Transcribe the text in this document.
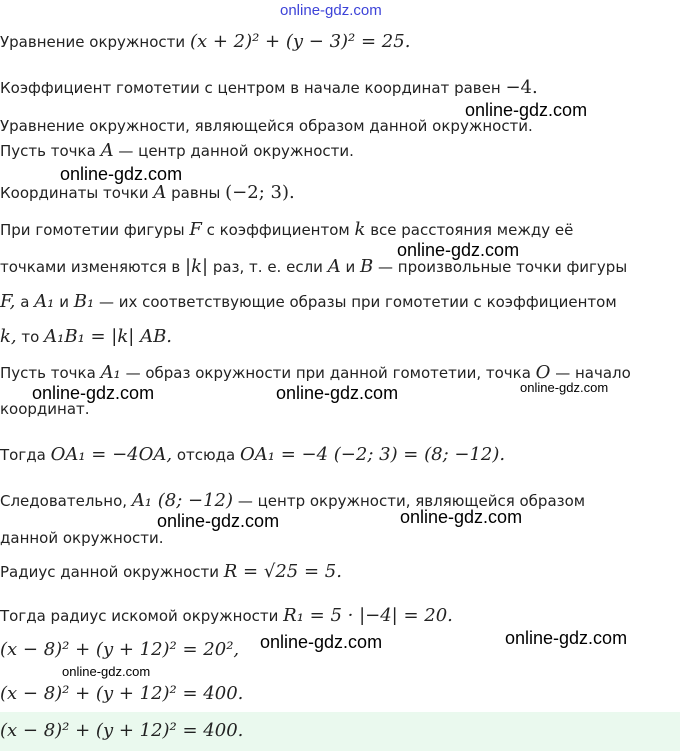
online-gdz.com
Уравнение окружности (x + 2)² + (y − 3)² = 25.
Коэффициент гомотетии с центром в начале координат равен −4.
online-gdz.com
Уравнение окружности, являющейся образом данной окружности.
Пусть точка A — центр данной окружности.
online-gdz.com
Координаты точки A равны (−2; 3).
При гомотетии фигуры F с коэффициентом k все расстояния между её
online-gdz.com
точками изменяются в |k| раз, т. е. если A и B — произвольные точки фигуры
F, а A₁ и B₁ — их соответствующие образы при гомотетии с коэффициентом
k, то A₁B₁ = |k| AB.
Пусть точка A₁ — образ окружности при данной гомотетии, точка O — начало
online-gdz.com
online-gdz.com	online-gdz.com
координат.
Тогда OA₁ = −4OA, отсюда OA₁ = −4 (−2; 3) = (8; −12).
Следовательно, A₁ (8; −12) — центр окружности, являющейся образом
online-gdz.com	online-gdz.com
данной окружности.
Радиус данной окружности R = √25 = 5.
Тогда радиус искомой окружности R₁ = 5 · |−4| = 20.
online-gdz.com
online-gdz.com
(x − 8)² + (y + 12)² = 20²,
online-gdz.com
(x − 8)² + (y + 12)² = 400.
(x − 8)² + (y + 12)² = 400.
